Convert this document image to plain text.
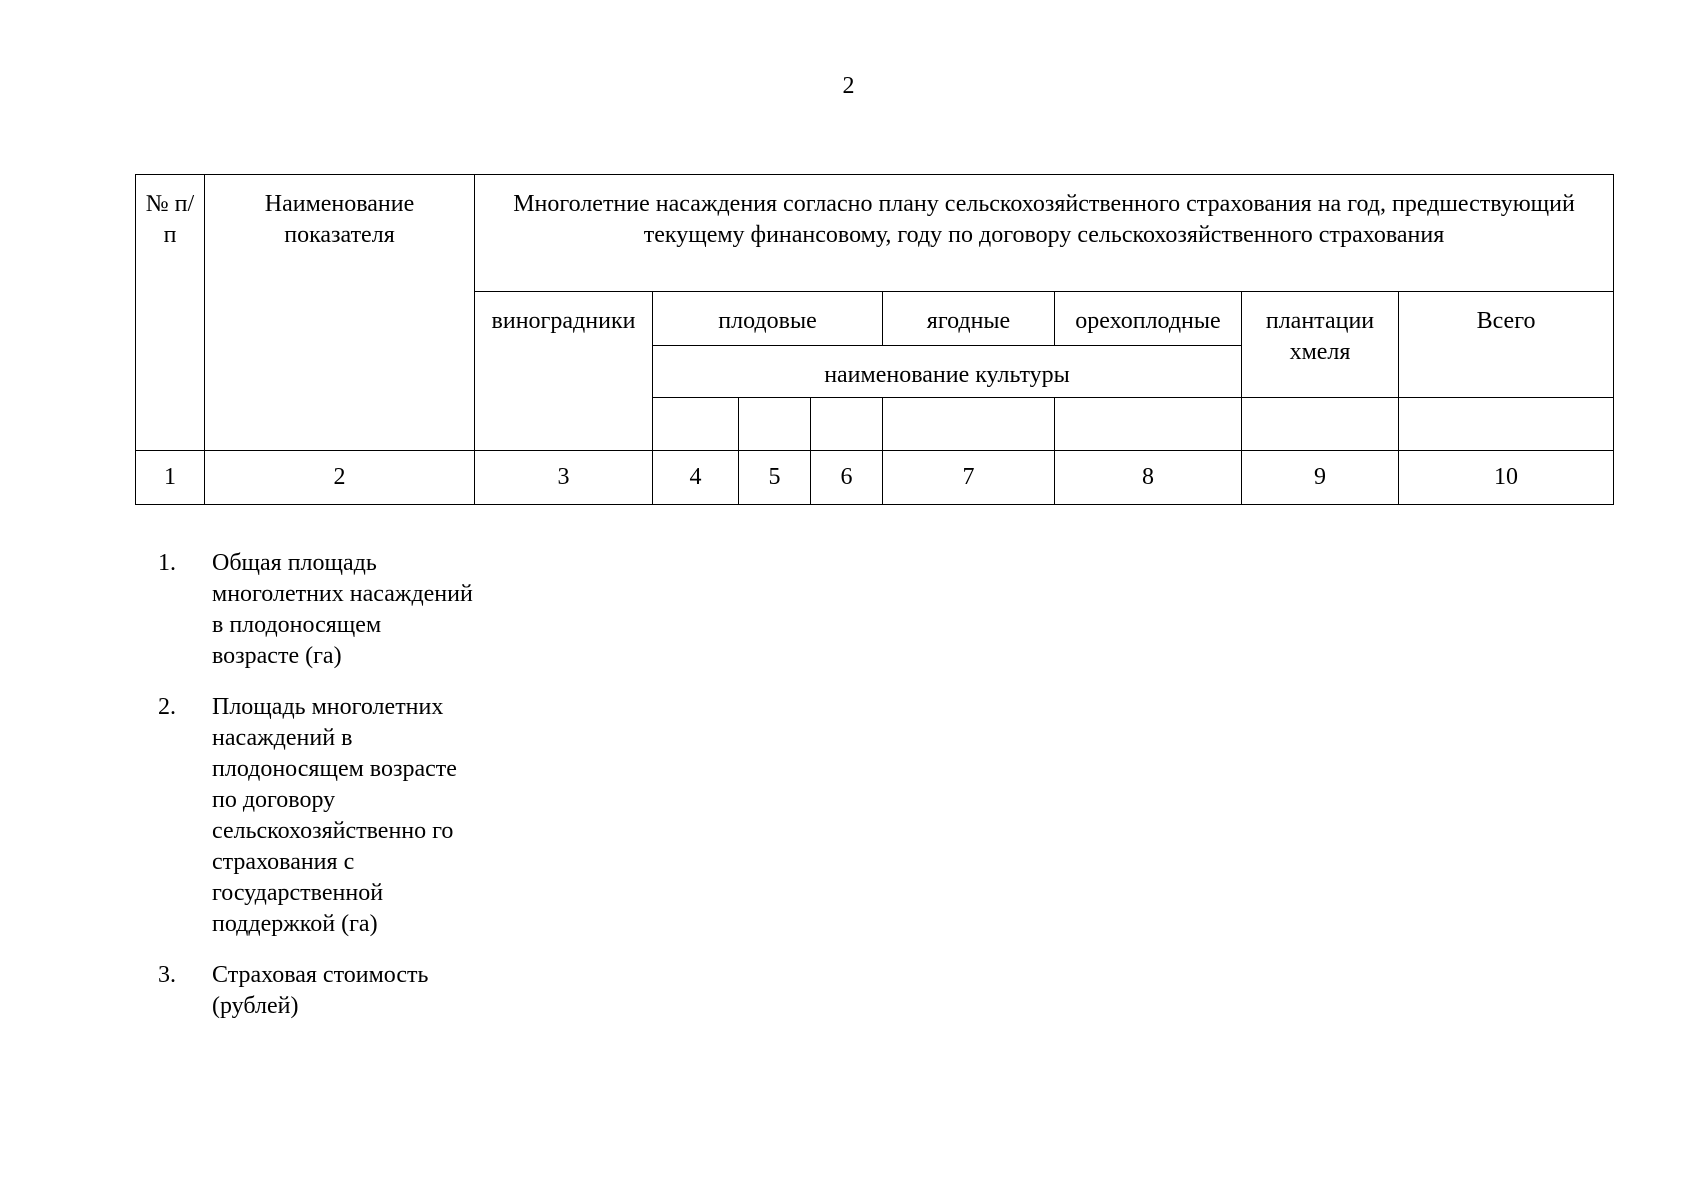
2
№ п/п	Наименование показателя	Многолетние насаждения согласно плану сельскохозяйственного страхования на год, предшествующий текущему финансовому, году по договору сельскохозяйственного страхования							
		виноградники	плодовые			ягодные	орехоплодные	плантации хмеля	Всего
			наименование культуры						

1	2	3	4	5	6	7	8	9	10
1.	Общая площадь многолетних насаждений в плодоносящем возрасте (га)
2.	Площадь многолетних насаждений в плодоносящем возрасте по договору сельскохозяйственно го страхования с государственной поддержкой (га)
3.	Страховая стоимость (рублей)
